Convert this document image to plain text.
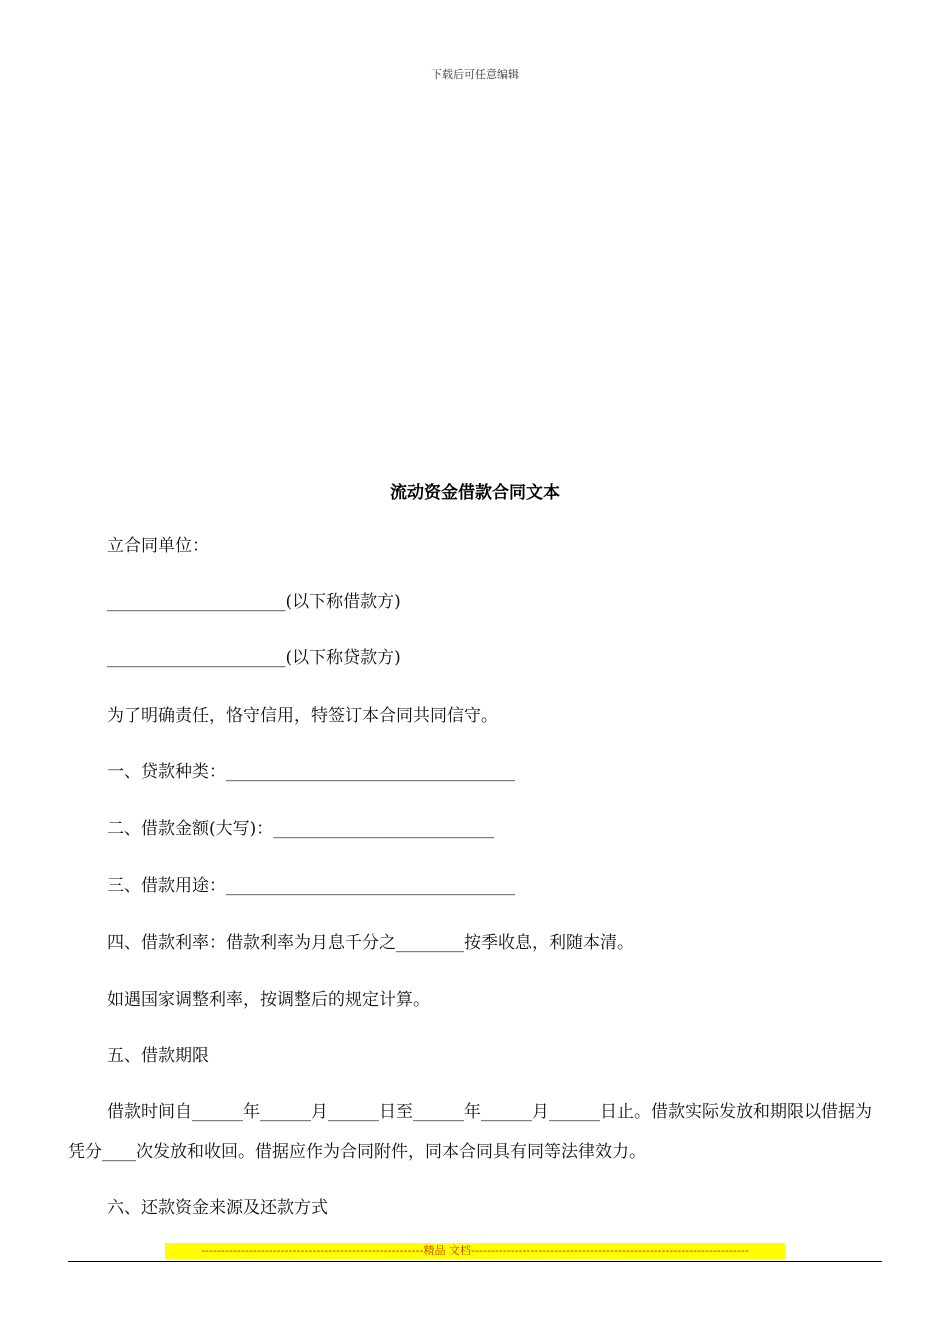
下载后可任意编辑
流动资金借款合同文本
立合同单位：
_____________________(以下称借款方)
_____________________(以下称贷款方)
为了明确责任，恪守信用，特签订本合同共同信守。
一、贷款种类：__________________________________
二、借款金额(大写)：__________________________
三、借款用途：__________________________________
四、借款利率：借款利率为月息千分之________按季收息，利随本清。
如遇国家调整利率，按调整后的规定计算。
五、借款期限
借款时间自______年______月______日至______年______月______日止。借款实际发放和期限以借据为凭分____次发放和收回。借据应作为合同附件，同本合同具有同等法律效力。
六、还款资金来源及还款方式
--------------------------------------------------------精品 文档----------------------------------------------------------------------
